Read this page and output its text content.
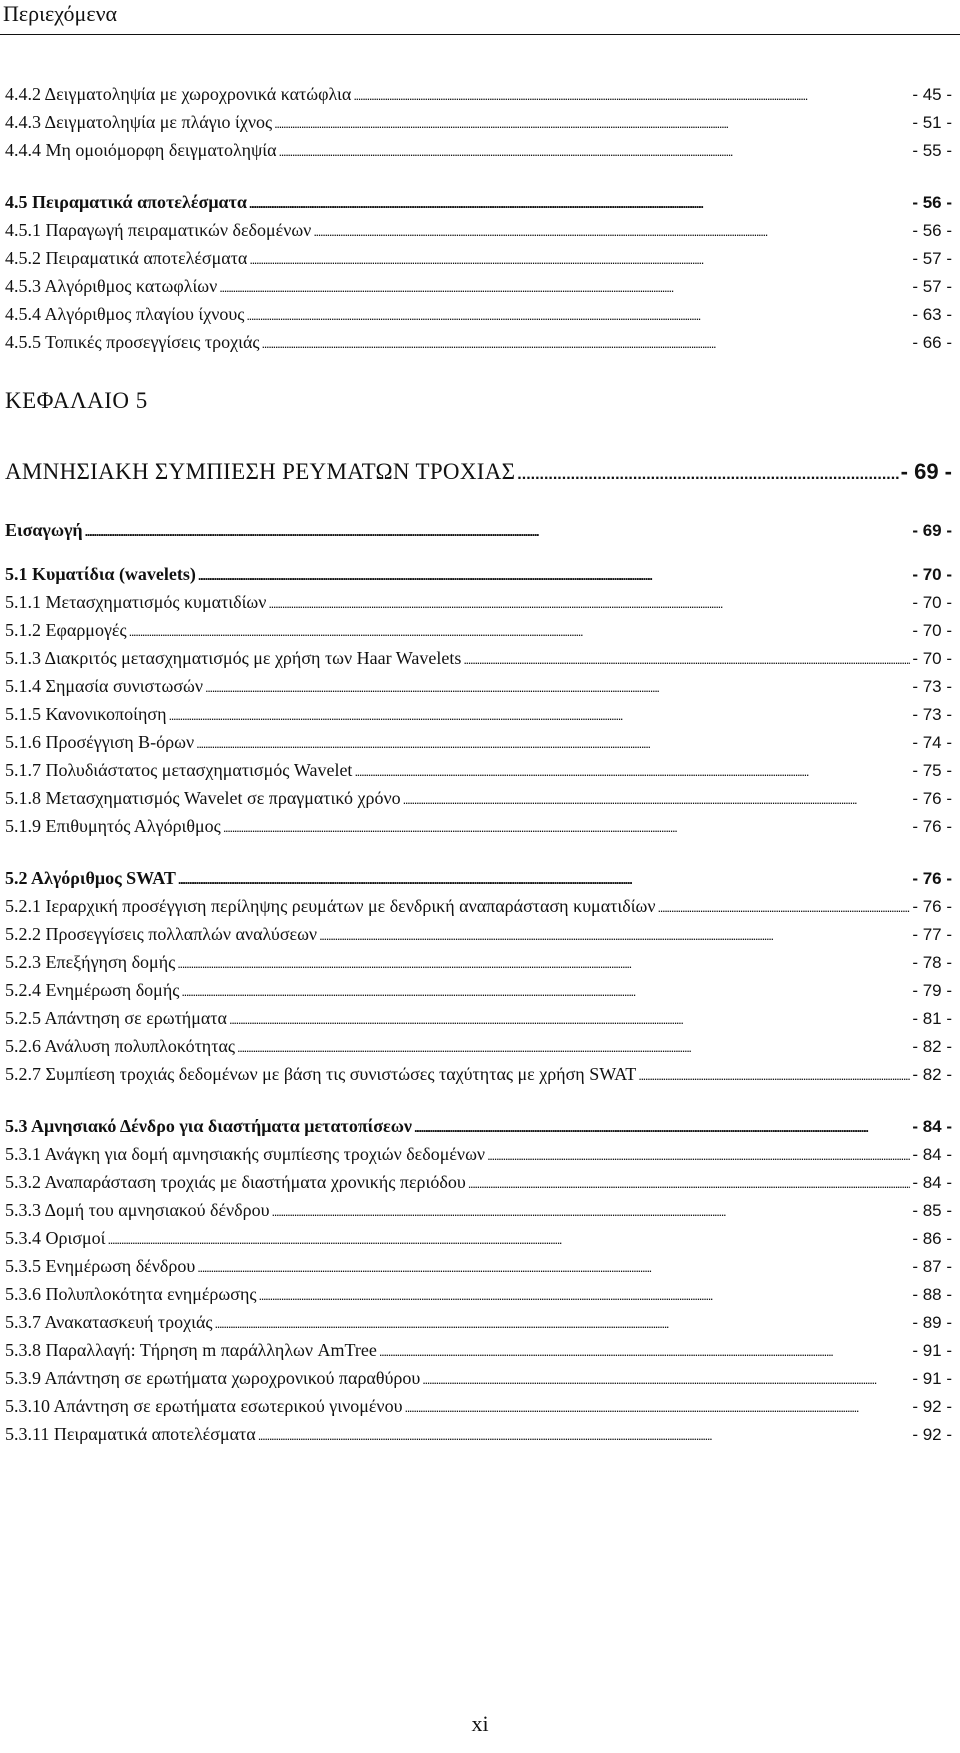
Περιεχόμενα
4.4.2 Δειγματοληψία με χωροχρονικά κατώφλια . . .	- 45 -
4.4.3 Δειγματοληψία με πλάγιο ίχνος . . .	- 51 -
4.4.4 Μη ομοιόμορφη δειγματοληψία . . .	- 55 -
4.5 Πειραματικά αποτελέσματα . . .	- 56 -
4.5.1 Παραγωγή πειραματικών δεδομένων . . .	- 56 -
4.5.2 Πειραματικά αποτελέσματα . . .	- 57 -
4.5.3 Αλγόριθμος κατωφλίων . . .	- 57 -
4.5.4 Αλγόριθμος πλαγίου ίχνους . . .	- 63 -
4.5.5 Τοπικές προσεγγίσεις τροχιάς . . .	- 66 -
ΚΕΦΑΛΑΙΟ 5
ΑΜΝΗΣΙΑΚΗ ΣΥΜΠΙΕΣΗ ΡΕΥΜΑΤΩΝ ΤΡΟΧΙΑΣ .....	- 69 -
Εισαγωγή . . .	- 69 -
5.1 Κυματίδια (wavelets) . . .	- 70 -
5.1.1 Μετασχηματισμός κυματιδίων . . .	- 70 -
5.1.2 Εφαρμογές . . .	- 70 -
5.1.3 Διακριτός μετασχηματισμός με χρήση των Haar Wavelets . . .	- 70 -
5.1.4 Σημασία συνιστωσών . . .	- 73 -
5.1.5 Κανονικοποίηση . . .	- 73 -
5.1.6 Προσέγγιση Β-όρων . . .	- 74 -
5.1.7 Πολυδιάστατος μετασχηματισμός Wavelet . . .	- 75 -
5.1.8 Μετασχηματισμός Wavelet σε πραγματικό χρόνο . . .	- 76 -
5.1.9 Επιθυμητός Αλγόριθμος . . .	- 76 -
5.2 Αλγόριθμος SWAT . . .	- 76 -
5.2.1 Ιεραρχική προσέγγιση περίληψης ρευμάτων με δενδρική αναπαράσταση κυματιδίων . . .	- 76 -
5.2.2 Προσεγγίσεις πολλαπλών αναλύσεων . . .	- 77 -
5.2.3 Επεξήγηση δομής . . .	- 78 -
5.2.4 Ενημέρωση δομής . . .	- 79 -
5.2.5 Απάντηση σε ερωτήματα . . .	- 81 -
5.2.6 Ανάλυση πολυπλοκότητας . . .	- 82 -
5.2.7 Συμπίεση τροχιάς δεδομένων με βάση τις συνιστώσες ταχύτητας με χρήση SWAT . . .	- 82 -
5.3 Αμνησιακό Δένδρο για διαστήματα μετατοπίσεων . . .	- 84 -
5.3.1 Ανάγκη για δομή αμνησιακής συμπίεσης τροχιών δεδομένων . . .	- 84 -
5.3.2 Αναπαράσταση τροχιάς με διαστήματα χρονικής περιόδου . . .	- 84 -
5.3.3 Δομή του αμνησιακού δένδρου . . .	- 85 -
5.3.4 Ορισμοί . . .	- 86 -
5.3.5 Ενημέρωση δένδρου . . .	- 87 -
5.3.6 Πολυπλοκότητα ενημέρωσης . . .	- 88 -
5.3.7 Ανακατασκευή τροχιάς . . .	- 89 -
5.3.8 Παραλλαγή: Τήρηση m παράλληλων AmTree . . .	- 91 -
5.3.9 Απάντηση σε ερωτήματα χωροχρονικού παραθύρου . . .	- 91 -
5.3.10 Απάντηση σε ερωτήματα εσωτερικού γινομένου . . .	- 92 -
5.3.11 Πειραματικά αποτελέσματα . . .	- 92 -
xi
